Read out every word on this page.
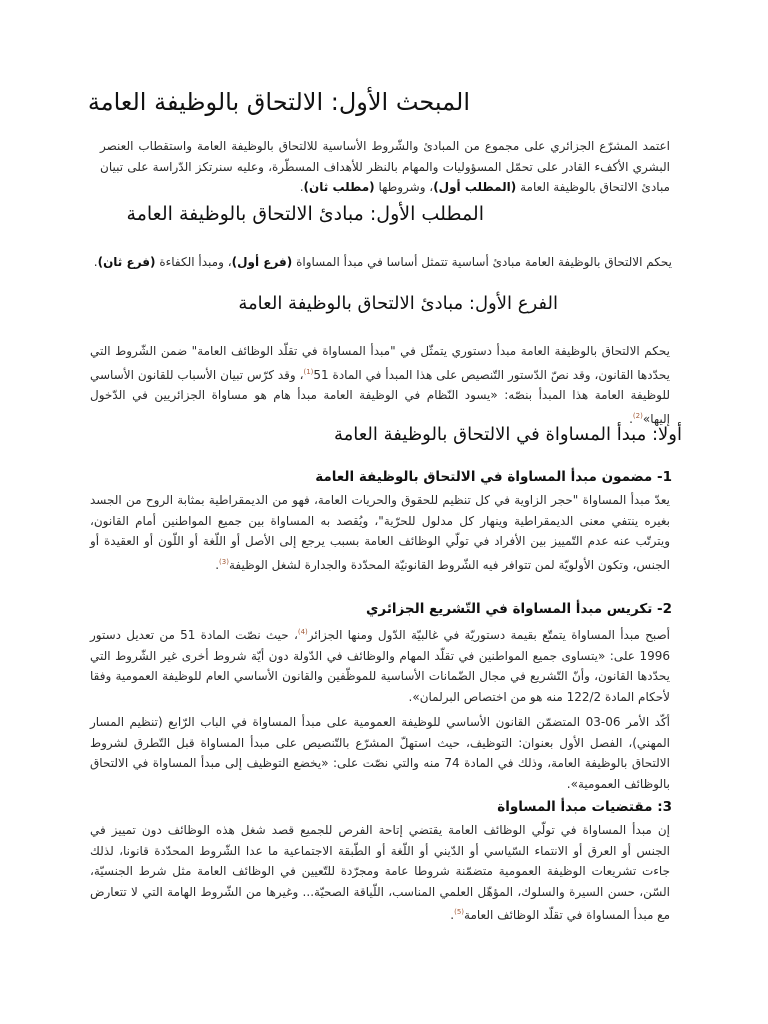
المبحث الأول: الالتحاق بالوظيفة العامة

اعتمد المشرّع الجزائري على مجموع من المبادئ والشّروط الأساسية للالتحاق بالوظيفة العامة واستقطاب العنصر البشري الأكفء القادر على تحمّل المسؤوليات والمهام بالنظر للأهداف المسطّرة، وعليه سنرتكز الدّراسة على تبيان مبادئ الالتحاق بالوظيفة العامة (المطلب أول)، وشروطها (مطلب ثان).

المطلب الأول: مبادئ الالتحاق بالوظيفة العامة

يحكم الالتحاق بالوظيفة العامة مبادئ أساسية تتمثل أساسا في مبدأ المساواة (فرع أول)، ومبدأ الكفاءة (فرع ثان).

الفرع الأول: مبادئ الالتحاق بالوظيفة العامة

يحكم الالتحاق بالوظيفة العامة مبدأ دستوري يتمثّل في "مبدأ المساواة في تقلّد الوظائف العامة" ضمن الشّروط التي يحدّدها القانون، وقد نصّ الدّستور التّنصيص على هذا المبدأ في المادة 51$^{(1)}$، وقد كرّس تبيان الأسباب للقانون الأساسي للوظيفة العامة هذا المبدأ بنصّه: «يسود النّظام في الوظيفة العامة مبدأ هام هو مساواة الجزائريين في الدّخول إليها»$^{(2)}$.

أولا: مبدأ المساواة في الالتحاق بالوظيفة العامة
1- مضمون مبدأ المساواة في الالتحاق بالوظيفة العامة

يعدّ مبدأ المساواة "حجر الزاوية في كل تنظيم للحقوق والحريات العامة، فهو من الديمقراطية بمثابة الروح من الجسد بغيره ينتفي معنى الديمقراطية وينهار كل مدلول للحرّية"، ويُقصد به المساواة بين جميع المواطنين أمام القانون، ويترتّب عنه عدم التّمييز بين الأفراد في تولّي الوظائف العامة بسبب يرجع إلى الأصل أو اللّغة أو اللّون أو العقيدة أو الجنس، وتكون الأولويّة لمن تتوافر فيه الشّروط القانونيّة المحدّدة والجدارة لشغل الوظيفة$^{(3)}$.

2- تكريس مبدأ المساواة في التّشريع الجزائري

أصبح مبدأ المساواة يتمتّع بقيمة دستوريّة في غالبيّة الدّول ومنها الجزائر$^{(4)}$، حيث نصّت المادة 51 من تعديل دستور 1996 على: «يتساوى جميع المواطنين في تقلّد المهام والوظائف في الدّولة دون أيّة شروط أخرى غير الشّروط التي يحدّدها القانون، وأنّ التّشريع في مجال الضّمانات الأساسية للموظّفين والقانون الأساسي العام للوظيفة العمومية وفقا لأحكام المادة 122/2 منه هو من اختصاص البرلمان».

أكّد الأمر 06-03 المتضمّن القانون الأساسي للوظيفة العمومية على مبدأ المساواة في الباب الرّابع (تنظيم المسار المهني)، الفصل الأول بعنوان: التوظيف، حيث استهلّ المشرّع بالتّنصيص على مبدأ المساواة قبل التّطرق لشروط الالتحاق بالوظيفة العامة، وذلك في المادة 74 منه والتي نصّت على: «يخضع التوظيف إلى مبدأ المساواة في الالتحاق بالوظائف العمومية».

3: مقتضيات مبدأ المساواة

إن مبدأ المساواة في تولّي الوظائف العامة يقتضي إتاحة الفرص للجميع قصد شغل هذه الوظائف دون تمييز في الجنس أو العرق أو الانتماء السّياسي أو الدّيني أو اللّغة أو الطّبقة الاجتماعية ما عدا الشّروط المحدّدة قانونا، لذلك جاءت تشريعات الوظيفة العمومية متضمّنة شروطا عامة ومجرّدة للتّعيين في الوظائف العامة مثل شرط الجنسيّة، السّن، حسن السيرة والسلوك، المؤهّل العلمي المناسب، اللّياقة الصحيّة... وغيرها من الشّروط الهامة التي لا تتعارض مع مبدأ المساواة في تقلّد الوظائف العامة$^{(5)}$.
